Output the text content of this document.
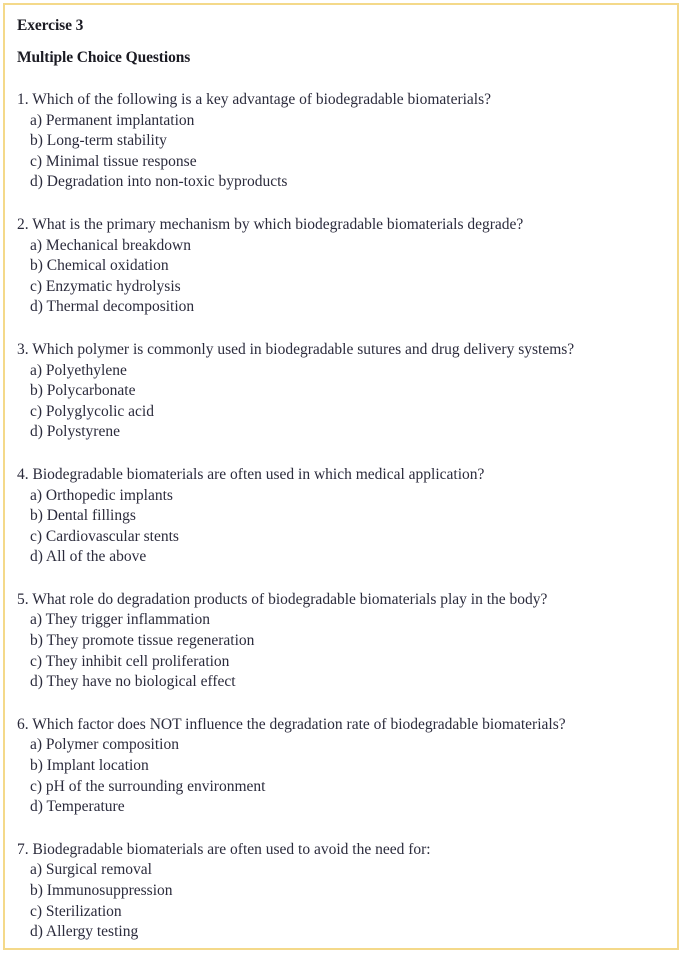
Exercise 3
Multiple Choice Questions

1. Which of the following is a key advantage of biodegradable biomaterials?

a) Permanent implantation
b) Long-term stability
c) Minimal tissue response
d) Degradation into non-toxic byproducts

2. What is the primary mechanism by which biodegradable biomaterials degrade?

a) Mechanical breakdown
b) Chemical oxidation
c) Enzymatic hydrolysis
d) Thermal decomposition

3. Which polymer is commonly used in biodegradable sutures and drug delivery systems?

a) Polyethylene
b) Polycarbonate
c) Polyglycolic acid
d) Polystyrene

4. Biodegradable biomaterials are often used in which medical application?

a) Orthopedic implants
b) Dental fillings
c) Cardiovascular stents
d) All of the above

5. What role do degradation products of biodegradable biomaterials play in the body?

a) They trigger inflammation
b) They promote tissue regeneration
c) They inhibit cell proliferation
d) They have no biological effect

6. Which factor does NOT influence the degradation rate of biodegradable biomaterials?

a) Polymer composition
b) Implant location
c) pH of the surrounding environment
d) Temperature

7. Biodegradable biomaterials are often used to avoid the need for:

a) Surgical removal
b) Immunosuppression
c) Sterilization
d) Allergy testing
